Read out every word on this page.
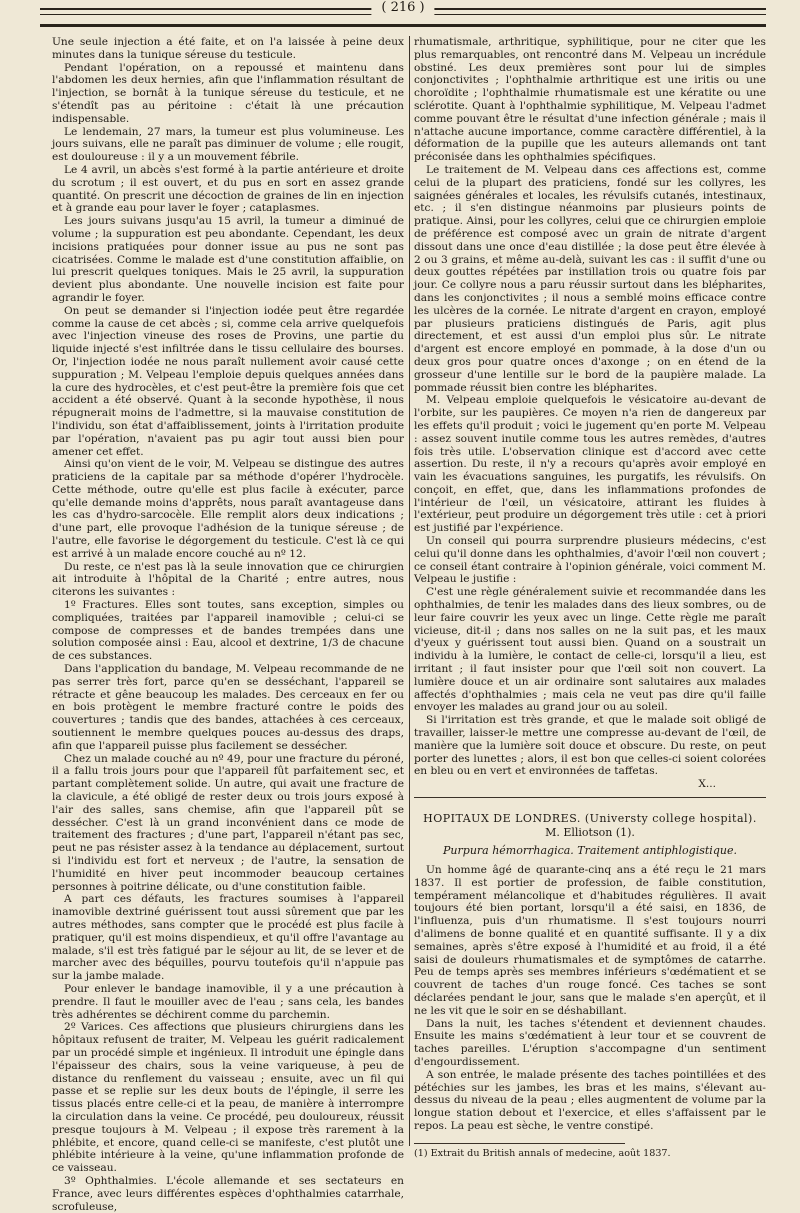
( 216 )

Une seule injection a été faite, et on l'a laissée à peine deux minutes dans la tunique séreuse du testicule.

Pendant l'opération, on a repoussé et maintenu dans l'abdomen les deux hernies, afin que l'inflammation résultant de l'injection, se bornât à la tunique séreuse du testicule, et ne s'étendît pas au péritoine : c'était là une précaution indispensable.

Le lendemain, 27 mars, la tumeur est plus volumineuse. Les jours suivans, elle ne paraît pas diminuer de volume ; elle rougit, est douloureuse : il y a un mouvement fébrile.

Le 4 avril, un abcès s'est formé à la partie antérieure et droite du scrotum ; il est ouvert, et du pus en sort en assez grande quantité. On prescrit une décoction de graines de lin en injection et à grande eau pour laver le foyer ; cataplasmes.

Les jours suivans jusqu'au 15 avril, la tumeur a diminué de volume ; la suppuration est peu abondante. Cependant, les deux incisions pratiquées pour donner issue au pus ne sont pas cicatrisées. Comme le malade est d'une constitution affaiblie, on lui prescrit quelques toniques. Mais le 25 avril, la suppuration devient plus abondante. Une nouvelle incision est faite pour agrandir le foyer.

On peut se demander si l'injection iodée peut être regardée comme la cause de cet abcès ; si, comme cela arrive quelquefois avec l'injection vineuse des roses de Provins, une partie du liquide injecté s'est infiltrée dans le tissu cellulaire des bourses. Or, l'injection iodée ne nous paraît nullement avoir causé cette suppuration ; M. Velpeau l'emploie depuis quelques années dans la cure des hydrocèles, et c'est peut-être la première fois que cet accident a été observé. Quant à la seconde hypothèse, il nous répugnerait moins de l'admettre, si la mauvaise constitution de l'individu, son état d'affaiblissement, joints à l'irritation produite par l'opération, n'avaient pas pu agir tout aussi bien pour amener cet effet.

Ainsi qu'on vient de le voir, M. Velpeau se distingue des autres praticiens de la capitale par sa méthode d'opérer l'hydrocèle. Cette méthode, outre qu'elle est plus facile à exécuter, parce qu'elle demande moins d'apprêts, nous paraît avantageuse dans les cas d'hydro-sarcocèle. Elle remplit alors deux indications ; d'une part, elle provoque l'adhésion de la tunique séreuse ; de l'autre, elle favorise le dégorgement du testicule. C'est là ce qui est arrivé à un malade encore couché au nº 12.

Du reste, ce n'est pas là la seule innovation que ce chirurgien ait introduite à l'hôpital de la Charité ; entre autres, nous citerons les suivantes :

1º Fractures. Elles sont toutes, sans exception, simples ou compliquées, traitées par l'appareil inamovible ; celui-ci se compose de compresses et de bandes trempées dans une solution composée ainsi : Eau, alcool et dextrine, 1/3 de chacune de ces substances.

Dans l'application du bandage, M. Velpeau recommande de ne pas serrer très fort, parce qu'en se desséchant, l'appareil se rétracte et gêne beaucoup les malades. Des cerceaux en fer ou en bois protègent le membre fracturé contre le poids des couvertures ; tandis que des bandes, attachées à ces cerceaux, soutiennent le membre quelques pouces au-dessus des draps, afin que l'appareil puisse plus facilement se dessécher.

Chez un malade couché au nº 49, pour une fracture du péroné, il a fallu trois jours pour que l'appareil fût parfaitement sec, et partant complètement solide. Un autre, qui avait une fracture de la clavicule, a été obligé de rester deux ou trois jours exposé à l'air des salles, sans chemise, afin que l'appareil pût se dessécher. C'est là un grand inconvénient dans ce mode de traitement des fractures ; d'une part, l'appareil n'étant pas sec, peut ne pas résister assez à la tendance au déplacement, surtout si l'individu est fort et nerveux ; de l'autre, la sensation de l'humidité en hiver peut incommoder beaucoup certaines personnes à poitrine délicate, ou d'une constitution faible.

A part ces défauts, les fractures soumises à l'appareil inamovible dextriné guérissent tout aussi sûrement que par les autres méthodes, sans compter que le procédé est plus facile à pratiquer, qu'il est moins dispendieux, et qu'il offre l'avantage au malade, s'il est très fatigué par le séjour au lit, de se lever et de marcher avec des béquilles, pourvu toutefois qu'il n'appuie pas sur la jambe malade.

Pour enlever le bandage inamovible, il y a une précaution à prendre. Il faut le mouiller avec de l'eau ; sans cela, les bandes très adhérentes se déchirent comme du parchemin.

2º Varices. Ces affections que plusieurs chirurgiens dans les hôpitaux refusent de traiter, M. Velpeau les guérit radicalement par un procédé simple et ingénieux. Il introduit une épingle dans l'épaisseur des chairs, sous la veine variqueuse, à peu de distance du renflement du vaisseau ; ensuite, avec un fil qui passe et se replie sur les deux bouts de l'épingle, il serre les tissus placés entre celle-ci et la peau, de manière à interrompre la circulation dans la veine. Ce procédé, peu douloureux, réussit presque toujours à M. Velpeau ; il expose très rarement à la phlébite, et encore, quand celle-ci se manifeste, c'est plutôt une phlébite intérieure à la veine, qu'une inflammation profonde de ce vaisseau.

3º Ophthalmies. L'école allemande et ses sectateurs en France, avec leurs différentes espèces d'ophthalmies catarrhale, scrofuleuse,

rhumatismale, arthritique, syphilitique, pour ne citer que les plus remarquables, ont rencontré dans M. Velpeau un incrédule obstiné. Les deux premières sont pour lui de simples conjonctivites ; l'ophthalmie arthritique est une iritis ou une choroïdite ; l'ophthalmie rhumatismale est une kératite ou une sclérotite. Quant à l'ophthalmie syphilitique, M. Velpeau l'admet comme pouvant être le résultat d'une infection générale ; mais il n'attache aucune importance, comme caractère différentiel, à la déformation de la pupille que les auteurs allemands ont tant préconisée dans les ophthalmies spécifiques.

Le traitement de M. Velpeau dans ces affections est, comme celui de la plupart des praticiens, fondé sur les collyres, les saignées générales et locales, les révulsifs cutanés, intestinaux, etc. ; il s'en distingue néanmoins par plusieurs points de pratique. Ainsi, pour les collyres, celui que ce chirurgien emploie de préférence est composé avec un grain de nitrate d'argent dissout dans une once d'eau distillée ; la dose peut être élevée à 2 ou 3 grains, et même au-delà, suivant les cas : il suffit d'une ou deux gouttes répétées par instillation trois ou quatre fois par jour. Ce collyre nous a paru réussir surtout dans les blépharites, dans les conjonctivites ; il nous a semblé moins efficace contre les ulcères de la cornée. Le nitrate d'argent en crayon, employé par plusieurs praticiens distingués de Paris, agit plus directement, et est aussi d'un emploi plus sûr. Le nitrate d'argent est encore employé en pommade, à la dose d'un ou deux gros pour quatre onces d'axonge ; on en étend de la grosseur d'une lentille sur le bord de la paupière malade. La pommade réussit bien contre les blépharites.

M. Velpeau emploie quelquefois le vésicatoire au-devant de l'orbite, sur les paupières. Ce moyen n'a rien de dangereux par les effets qu'il produit ; voici le jugement qu'en porte M. Velpeau : assez souvent inutile comme tous les autres remèdes, d'autres fois très utile. L'observation clinique est d'accord avec cette assertion. Du reste, il n'y a recours qu'après avoir employé en vain les évacuations sanguines, les purgatifs, les révulsifs. On conçoit, en effet, que, dans les inflammations profondes de l'intérieur de l'œil, un vésicatoire, attirant les fluides à l'extérieur, peut produire un dégorgement très utile : cet à priori est justifié par l'expérience.

Un conseil qui pourra surprendre plusieurs médecins, c'est celui qu'il donne dans les ophthalmies, d'avoir l'œil non couvert ; ce conseil étant contraire à l'opinion générale, voici comment M. Velpeau le justifie :

C'est une règle généralement suivie et recommandée dans les ophthalmies, de tenir les malades dans des lieux sombres, ou de leur faire couvrir les yeux avec un linge. Cette règle me paraît vicieuse, dit-il ; dans nos salles on ne la suit pas, et les maux d'yeux y guérissent tout aussi bien. Quand on a soustrait un individu à la lumière, le contact de celle-ci, lorsqu'il a lieu, est irritant ; il faut insister pour que l'œil soit non couvert. La lumière douce et un air ordinaire sont salutaires aux malades affectés d'ophthalmies ; mais cela ne veut pas dire qu'il faille envoyer les malades au grand jour ou au soleil.

Si l'irritation est très grande, et que le malade soit obligé de travailler, laisser-le mettre une compresse au-devant de l'œil, de manière que la lumière soit douce et obscure. Du reste, on peut porter des lunettes ; alors, il est bon que celles-ci soient colorées en bleu ou en vert et environnées de taffetas.

X...

HOPITAUX DE LONDRES. (Universty college hospital).
M. Elliotson (1).
Purpura hémorrhagica. Traitement antiphlogistique.

Un homme âgé de quarante-cinq ans a été reçu le 21 mars 1837. Il est portier de profession, de faible constitution, tempérament mélancolique et d'habitudes régulières. Il avait toujours été bien portant, lorsqu'il a été saisi, en 1836, de l'influenza, puis d'un rhumatisme. Il s'est toujours nourri d'alimens de bonne qualité et en quantité suffisante. Il y a dix semaines, après s'être exposé à l'humidité et au froid, il a été saisi de douleurs rhumatismales et de symptômes de catarrhe. Peu de temps après ses membres inférieurs s'œdématient et se couvrent de taches d'un rouge foncé. Ces taches se sont déclarées pendant le jour, sans que le malade s'en aperçût, et il ne les vit que le soir en se déshabillant.

Dans la nuit, les taches s'étendent et deviennent chaudes. Ensuite les mains s'œdématient à leur tour et se couvrent de taches pareilles. L'éruption s'accompagne d'un sentiment d'engourdissement.

A son entrée, le malade présente des taches pointillées et des pétéchies sur les jambes, les bras et les mains, s'élevant au-dessus du niveau de la peau ; elles augmentent de volume par la longue station debout et l'exercice, et elles s'affaissent par le repos. La peau est sèche, le ventre constipé.

(1) Extrait du British annals of medecine, août 1837.
